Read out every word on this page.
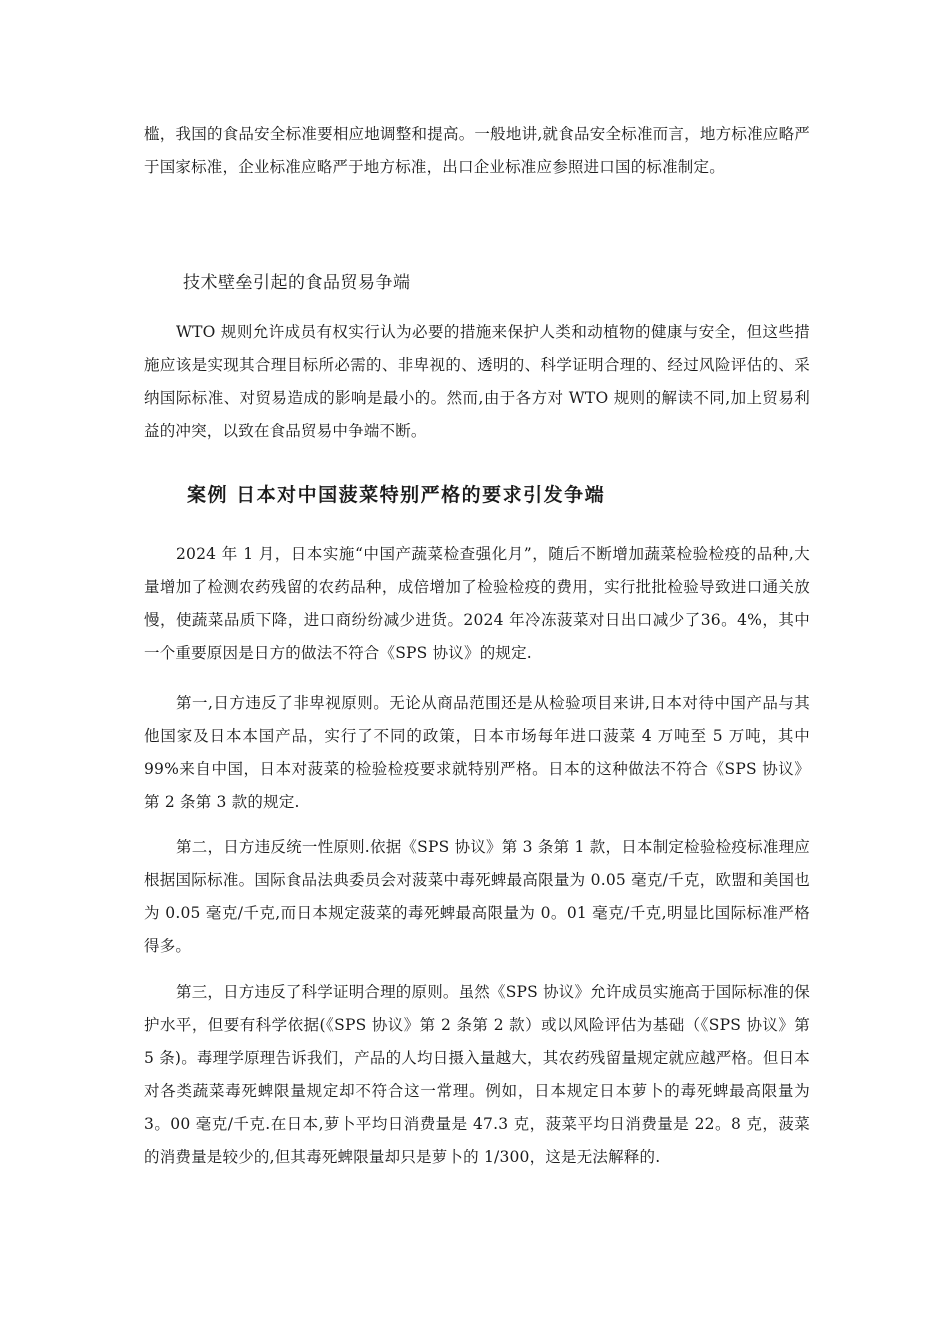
槛，我国的食品安全标准要相应地调整和提高。一般地讲,就食品安全标准而言，地方标准应略严于国家标准，企业标准应略严于地方标准，出口企业标准应参照进口国的标准制定。

技术壁垒引起的食品贸易争端

WTO 规则允许成员有权实行认为必要的措施来保护人类和动植物的健康与安全，但这些措施应该是实现其合理目标所必需的、非卑视的、透明的、科学证明合理的、经过风险评估的、采纳国际标准、对贸易造成的影响是最小的。然而,由于各方对 WTO 规则的解读不同,加上贸易利益的冲突，以致在食品贸易中争端不断。

案例 日本对中国菠菜特别严格的要求引发争端

2024 年 1 月，日本实施“中国产蔬菜检查强化月”，随后不断增加蔬菜检验检疫的品种,大量增加了检测农药残留的农药品种，成倍增加了检验检疫的费用，实行批批检验导致进口通关放慢，使蔬菜品质下降，进口商纷纷减少进货。2024 年冷冻菠菜对日出口减少了36。4%，其中一个重要原因是日方的做法不符合《SPS 协议》的规定.

第一,日方违反了非卑视原则。无论从商品范围还是从检验项目来讲,日本对待中国产品与其他国家及日本本国产品，实行了不同的政策，日本市场每年进口菠菜 4 万吨至 5 万吨，其中 99%来自中国，日本对菠菜的检验检疫要求就特别严格。日本的这种做法不符合《SPS 协议》第 2 条第 3 款的规定.

第二，日方违反统一性原则.依据《SPS 协议》第 3 条第 1 款，日本制定检验检疫标准理应根据国际标准。国际食品法典委员会对菠菜中毒死蜱最高限量为 0.05 毫克/千克，欧盟和美国也为 0.05 毫克/千克,而日本规定菠菜的毒死蜱最高限量为 0。01 毫克/千克,明显比国际标准严格得多。

第三，日方违反了科学证明合理的原则。虽然《SPS 协议》允许成员实施高于国际标准的保护水平，但要有科学依据(《SPS 协议》第 2 条第 2 款）或以风险评估为基础（《SPS 协议》第 5 条)。毒理学原理告诉我们，产品的人均日摄入量越大，其农药残留量规定就应越严格。但日本对各类蔬菜毒死蜱限量规定却不符合这一常理。例如，日本规定日本萝卜的毒死蜱最高限量为 3。00 毫克/千克.在日本,萝卜平均日消费量是 47.3 克，菠菜平均日消费量是 22。8 克，菠菜的消费量是较少的,但其毒死蜱限量却只是萝卜的 1/300，这是无法解释的.
